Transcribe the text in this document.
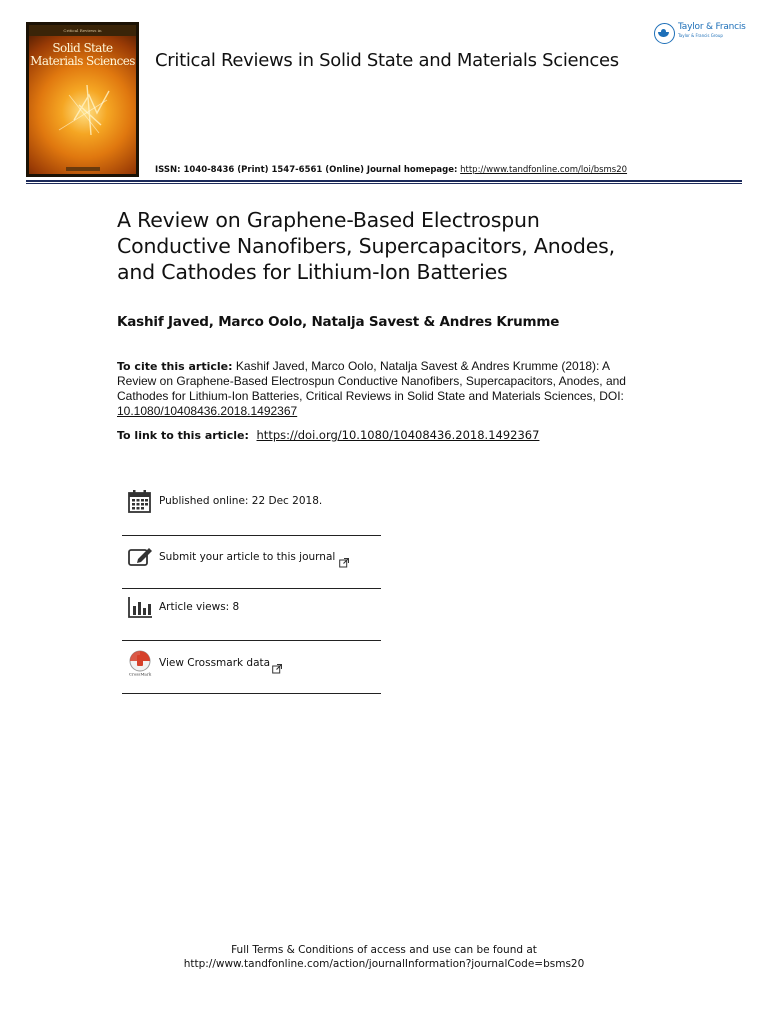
Critical Reviews in
Solid State
Materials Sciences Critical Reviews in Solid State and Materials Sciences
ISSN: 1040-8436 (Print) 1547-6561 (Online) Journal homepage: http://www.tandfonline.com/loi/bsms20
Taylor & Francis
Taylor & Francis Group
A Review on Graphene-Based Electrospun
Conductive Nanofibers, Supercapacitors, Anodes,
and Cathodes for Lithium-Ion Batteries
Kashif Javed, Marco Oolo, Natalja Savest & Andres Krumme
To cite this article: Kashif Javed, Marco Oolo, Natalja Savest & Andres Krumme (2018): A Review on Graphene-Based Electrospun Conductive Nanofibers, Supercapacitors, Anodes, and Cathodes for Lithium-Ion Batteries, Critical Reviews in Solid State and Materials Sciences, DOI: 10.1080/10408436.2018.1492367
To link to this article: https://doi.org/10.1080/10408436.2018.1492367
Published online: 22 Dec 2018.
Submit your article to this journal
Article views: 8
CrossMark
View Crossmark data
Full Terms & Conditions of access and use can be found at
http://www.tandfonline.com/action/journalInformation?journalCode=bsms20
